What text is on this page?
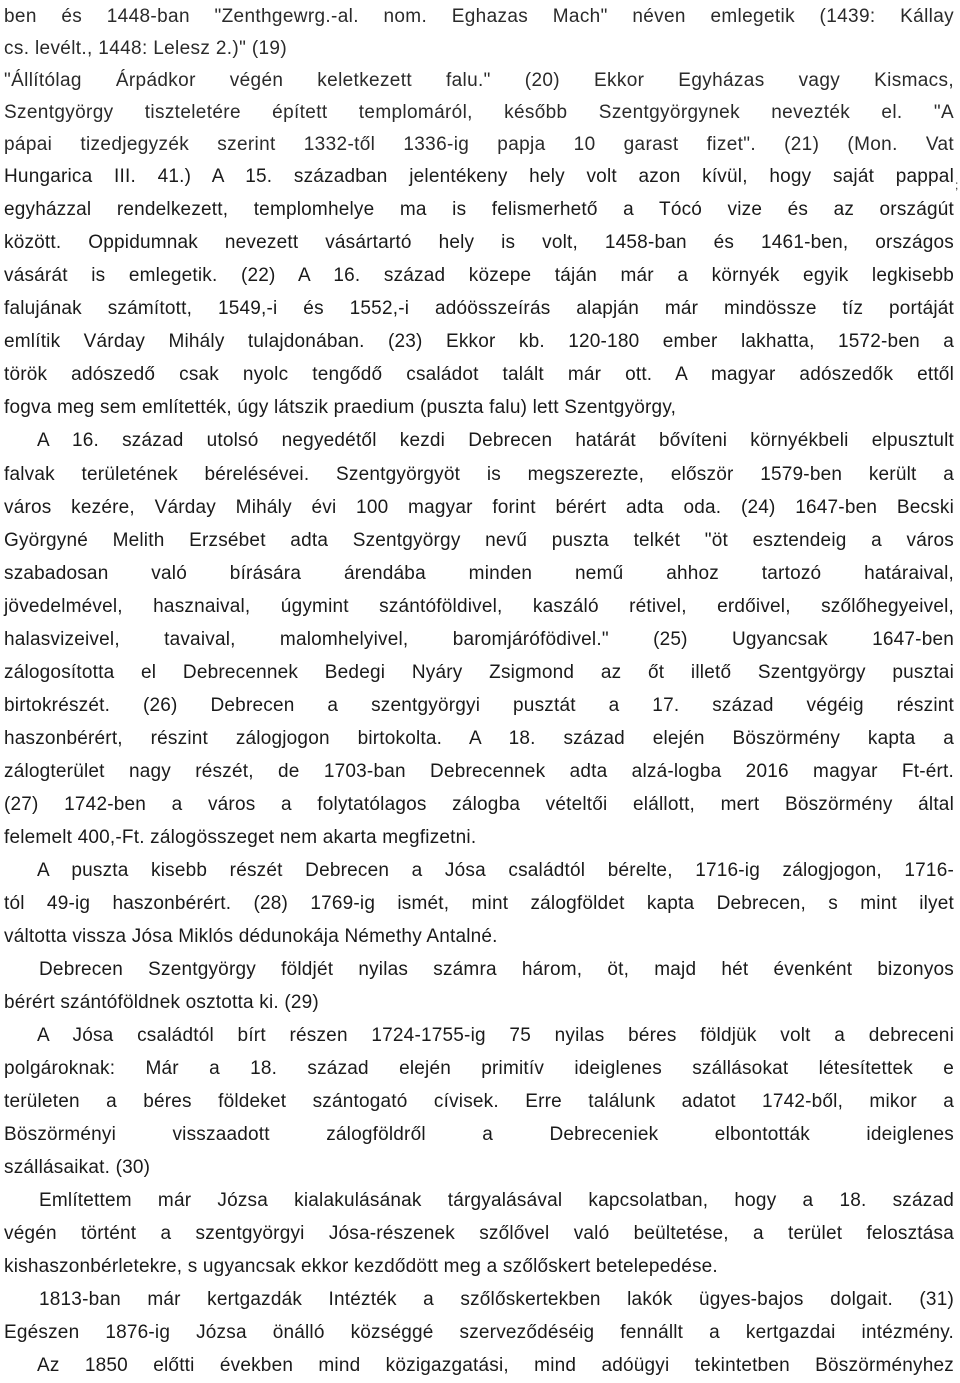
ben és 1448-ban "Zenthgewrg.-al. nom. Eghazas Mach" néven emlegetik (1439: Kállay
cs. levélt., 1448: Lelesz 2.)" (19)
"Állítólag Árpádkor végén keletkezett falu." (20) Ekkor Egyházas vagy Kismacs,
Szentgyörgy tiszteletére épített templomáról, később Szentgyörgynek nevezték el. "A
pápai tizedjegyzék szerint 1332-től 1336-ig papja 10 garast fizet". (21) (Mon. Vat
Hungarica III. 41.) A 15. században jelentékeny hely volt azon kívül, hogy saját pappal
egyházzal rendelkezett, templomhelye ma is felismerhető a Tócó vize és az országút
között. Oppidumnak nevezett vásártartó hely is volt, 1458-ban és 1461-ben, országos
vásárát is emlegetik. (22) A 16. század közepe táján már a környék egyik legkisebb
falujának számított, 1549,-i és 1552,-i adóösszeírás alapján már mindössze tíz portáját
említik Várday Mihály tulajdonában. (23) Ekkor kb. 120-180 ember lakhatta, 1572-ben a
török adószedő csak nyolc tengődő családot talált már ott. A magyar adószedők ettől
fogva meg sem említették, úgy látszik praedium (puszta falu) lett Szentgyörgy,
A 16. század utolsó negyedétől kezdi Debrecen határát bővíteni környékbeli elpusztult
falvak területének bérelésévei. Szentgyörgyöt is megszerezte, először 1579-ben került a
város kezére, Várday Mihály évi 100 magyar forint bérért adta oda. (24) 1647-ben Becski
Györgyné Melith Erzsébet adta Szentgyörgy nevű puszta telkét "öt esztendeig a város
szabadosan való bírására árendába minden nemű ahhoz tartozó határaival,
jövedelmével, hasznaival, úgymint szántóföldivel, kaszáló rétivel, erdőivel, szőlőhegyeivel,
halasvizeivel, tavaival, malomhelyivel, baromjárófödivel." (25) Ugyancsak 1647-ben
zálogosította el Debrecennek Bedegi Nyáry Zsigmond az őt illető Szentgyörgy pusztai
birtokrészét. (26) Debrecen a szentgyörgyi pusztát a 17. század végéig részint
haszonbérért, részint zálogjogon birtokolta. A 18. század elején Böszörmény kapta a
zálogterület nagy részét, de 1703-ban Debrecennek adta alzá-logba 2016 magyar Ft-ért.
(27) 1742-ben a város a folytatólagos zálogba vételtői elállott, mert Böszörmény által
felemelt 400,-Ft. zálogösszeget nem akarta megfizetni.
A puszta kisebb részét Debrecen a Jósa családtól bérelte, 1716-ig zálogjogon, 1716-
tól 49-ig haszonbérért. (28) 1769-ig ismét, mint zálogföldet kapta Debrecen, s mint ilyet
váltotta vissza Jósa Miklós dédunokája Némethy Antalné.
Debrecen Szentgyörgy földjét nyilas számra három, öt, majd hét évenként bizonyos
bérért szántóföldnek osztotta ki. (29)
A Jósa családtól bírt részen 1724-1755-ig 75 nyilas béres földjük volt a debreceni
polgároknak: Már a 18. század elején primitív ideiglenes szállásokat létesítettek e
területen a béres földeket szántogató cívisek. Erre találunk adatot 1742-ből, mikor a
Böszörményi visszaadott zálogföldről a Debreceniek elbontották ideiglenes
szállásaikat. (30)
Említettem már Józsa kialakulásának tárgyalásával kapcsolatban, hogy a 18. század
végén történt a szentgyörgyi Jósa-részenek szőlővel való beültetése, a terület felosztása
kishaszonbérletekre, s ugyancsak ekkor kezdődött meg a szőlőskert betelepedése.
1813-ban már kertgazdák Intézték a szőlőskertekben lakók ügyes-bajos dolgait. (31)
Egészen 1876-ig Józsa önálló községgé szerveződéséig fennállt a kertgazdai intézmény.
Az 1850 előtti években mind közigazgatási, mind adóügyi tekintetben Böszörményhez
;
